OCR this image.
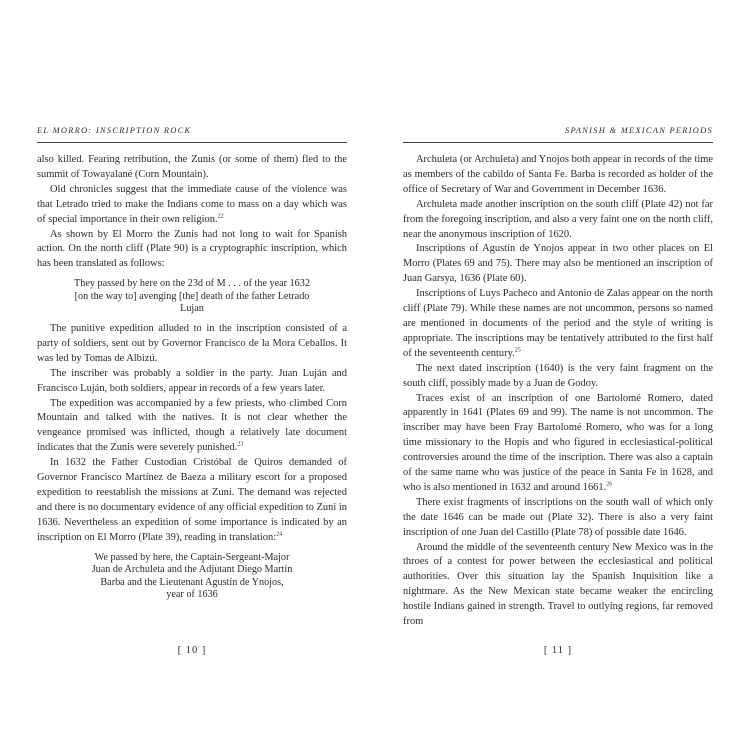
EL MORRO: INSCRIPTION ROCK

also killed. Fearing retribution, the Zunis (or some of them) fled to the summit of Towayalané (Corn Mountain).

Old chronicles suggest that the immediate cause of the violence was that Letrado tried to make the Indians come to mass on a day which was of special importance in their own religion.$^{22}$

As shown by El Morro the Zunis had not long to wait for Spanish action. On the north cliff (Plate 90) is a cryptographic inscription, which has been translated as follows:

They passed by here on the 23d of M . . . of the year 1632
[on the way to] avenging [the] death of the father Letrado
Lujan

The punitive expedition alluded to in the inscription consisted of a party of soldiers, sent out by Governor Francisco de la Mora Ceballos. It was led by Tomas de Albizú.

The inscriber was probably a soldier in the party. Juan Luján and Francisco Luján, both soldiers, appear in records of a few years later.

The expedition was accompanied by a few priests, who climbed Corn Mountain and talked with the natives. It is not clear whether the vengeance promised was inflicted, though a relatively late document indicates that the Zunis were severely punished.$^{23}$

In 1632 the Father Custodian Cristóbal de Quiros demanded of Governor Francisco Martínez de Baeza a military escort for a proposed expedition to reestablish the missions at Zuni. The demand was rejected and there is no documentary evidence of any official expedition to Zuni in 1636. Nevertheless an expedition of some importance is indicated by an inscription on El Morro (Plate 39), reading in translation:$^{24}$

We passed by here, the Captain-Sergeant-Major
Juan de Archuleta and the Adjutant Diego Martín
Barba and the Lieutenant Agustín de Ynojos,
year of 1636
[ 10 ]
SPANISH & MEXICAN PERIODS

Archuleta (or Archuleta) and Ynojos both appear in records of the time as members of the cabildo of Santa Fe. Barba is recorded as holder of the office of Secretary of War and Government in December 1636.

Archuleta made another inscription on the south cliff (Plate 42) not far from the foregoing inscription, and also a very faint one on the north cliff, near the anonymous inscription of 1620.

Inscriptions of Agustín de Ynojos appear in two other places on El Morro (Plates 69 and 75). There may also be mentioned an inscription of Juan Garsya, 1636 (Plate 60).

Inscriptions of Luys Pacheco and Antonio de Zalas appear on the north cliff (Plate 79). While these names are not uncommon, persons so named are mentioned in documents of the period and the style of writing is appropriate. The inscriptions may be tentatively attributed to the first half of the seventeenth century.$^{25}$

The next dated inscription (1640) is the very faint fragment on the south cliff, possibly made by a Juan de Godoy.

Traces exist of an inscription of one Bartolomé Romero, dated apparently in 1641 (Plates 69 and 99). The name is not uncommon. The inscriber may have been Fray Bartolomé Romero, who was for a long time missionary to the Hopis and who figured in ecclesiastical-political controversies around the time of the inscription. There was also a captain of the same name who was justice of the peace in Santa Fe in 1628, and who is also mentioned in 1632 and around 1661.26

There exist fragments of inscriptions on the south wall of which only the date 1646 can be made out (Plate 32). There is also a very faint inscription of one Juan del Castillo (Plate 78) of possible date 1646.

Around the middle of the seventeenth century New Mexico was in the throes of a contest for power between the ecclesiastical and political authorities. Over this situation lay the Spanish Inquisition like a nightmare. As the New Mexican state became weaker the encircling hostile Indians gained in strength. Travel to outlying regions, far removed from

[ 11 ]
